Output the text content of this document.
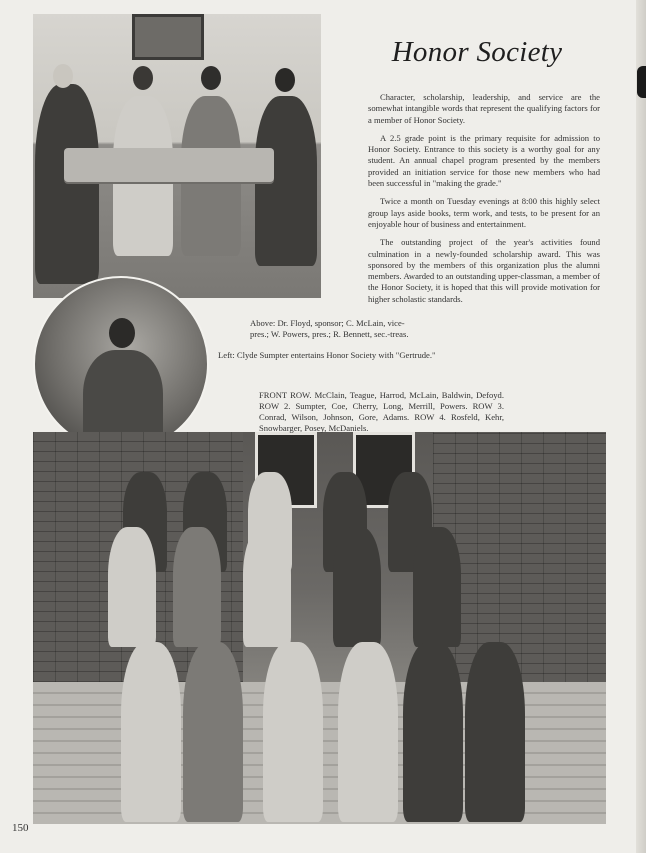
Honor Society

Character, scholarship, leadership, and service are the somewhat intangible words that represent the qualifying factors for a member of Honor Society.

A 2.5 grade point is the primary requisite for admission to Honor Society. Entrance to this society is a worthy goal for any student. An annual chapel program presented by the members provided an initiation service for those new members who had been successful in "making the grade."

Twice a month on Tuesday evenings at 8:00 this highly select group lays aside books, term work, and tests, to be present for an enjoyable hour of business and entertainment.

The outstanding project of the year's activities found culmination in a newly-founded scholarship award. This was sponsored by the members of this organization plus the alumni members. Awarded to an outstanding upper-classman, a member of the Honor Society, it is hoped that this will provide motivation for higher scholastic standards.

Above: Dr. Floyd, sponsor; C. McLain, vice-pres.; W. Powers, pres.; R. Bennett, sec.-treas.

Left: Clyde Sumpter entertains Honor Society with "Gertrude."

FRONT ROW. McClain, Teague, Harrod, McLain, Baldwin, Defoyd. ROW 2. Sumpter, Coe, Cherry, Long, Merrill, Powers. ROW 3. Conrad, Wilson, Johnson, Gore, Adams. ROW 4. Rosfeld, Kehr, Snowbarger, Posey, McDaniels.

150
